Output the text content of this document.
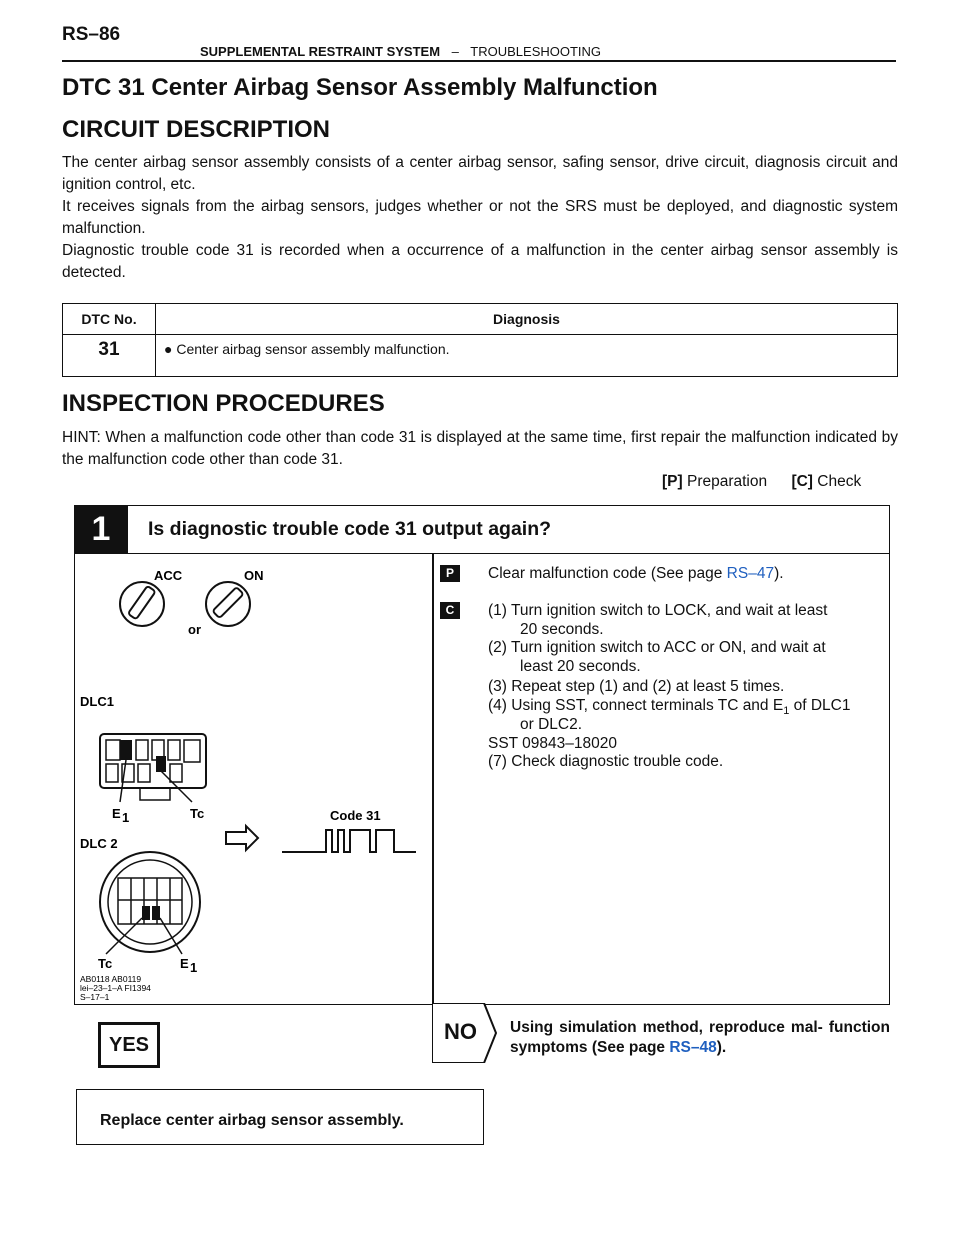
RS–86
SUPPLEMENTAL RESTRAINT SYSTEM – TROUBLESHOOTING
DTC 31 Center Airbag Sensor Assembly Malfunction
CIRCUIT DESCRIPTION
The center airbag sensor assembly consists of a center airbag sensor, safing sensor, drive circuit, diagnosis circuit and ignition control, etc.
It receives signals from the airbag sensors, judges whether or not the SRS must be deployed, and diagnostic system malfunction.
Diagnostic trouble code 31 is recorded when a occurrence of a malfunction in the center airbag sensor assembly is detected.
DTC No.	Diagnosis
31	● Center airbag sensor assembly malfunction.
INSPECTION PROCEDURES
HINT: When a malfunction code other than code 31 is displayed at the same time, first repair the malfunction indicated by the malfunction code other than code 31.
[P] Preparation [C] Check
1	Is diagnostic trouble code 31 output again?
P	Clear malfunction code (See page RS–47).
C	(1) Turn ignition switch to LOCK, and wait at least
20 seconds.
(2) Turn ignition switch to ACC or ON, and wait at
least 20 seconds.
(3) Repeat step (1) and (2) at least 5 times.
(4) Using SST, connect terminals TC and $E_1$ of DLC1
or DLC2.
SST 09843–18020
(7) Check diagnostic trouble code.
ACC	ON
or
DLC1
E 1	Tc	Code 31
DLC 2
Tc	E 1
AB0118 AB0119
lei–23–1–A FI1394
S–17–1
YES
NO Using simulation method, reproduce mal- function symptoms (See page RS–48).
Replace center airbag sensor assembly.
